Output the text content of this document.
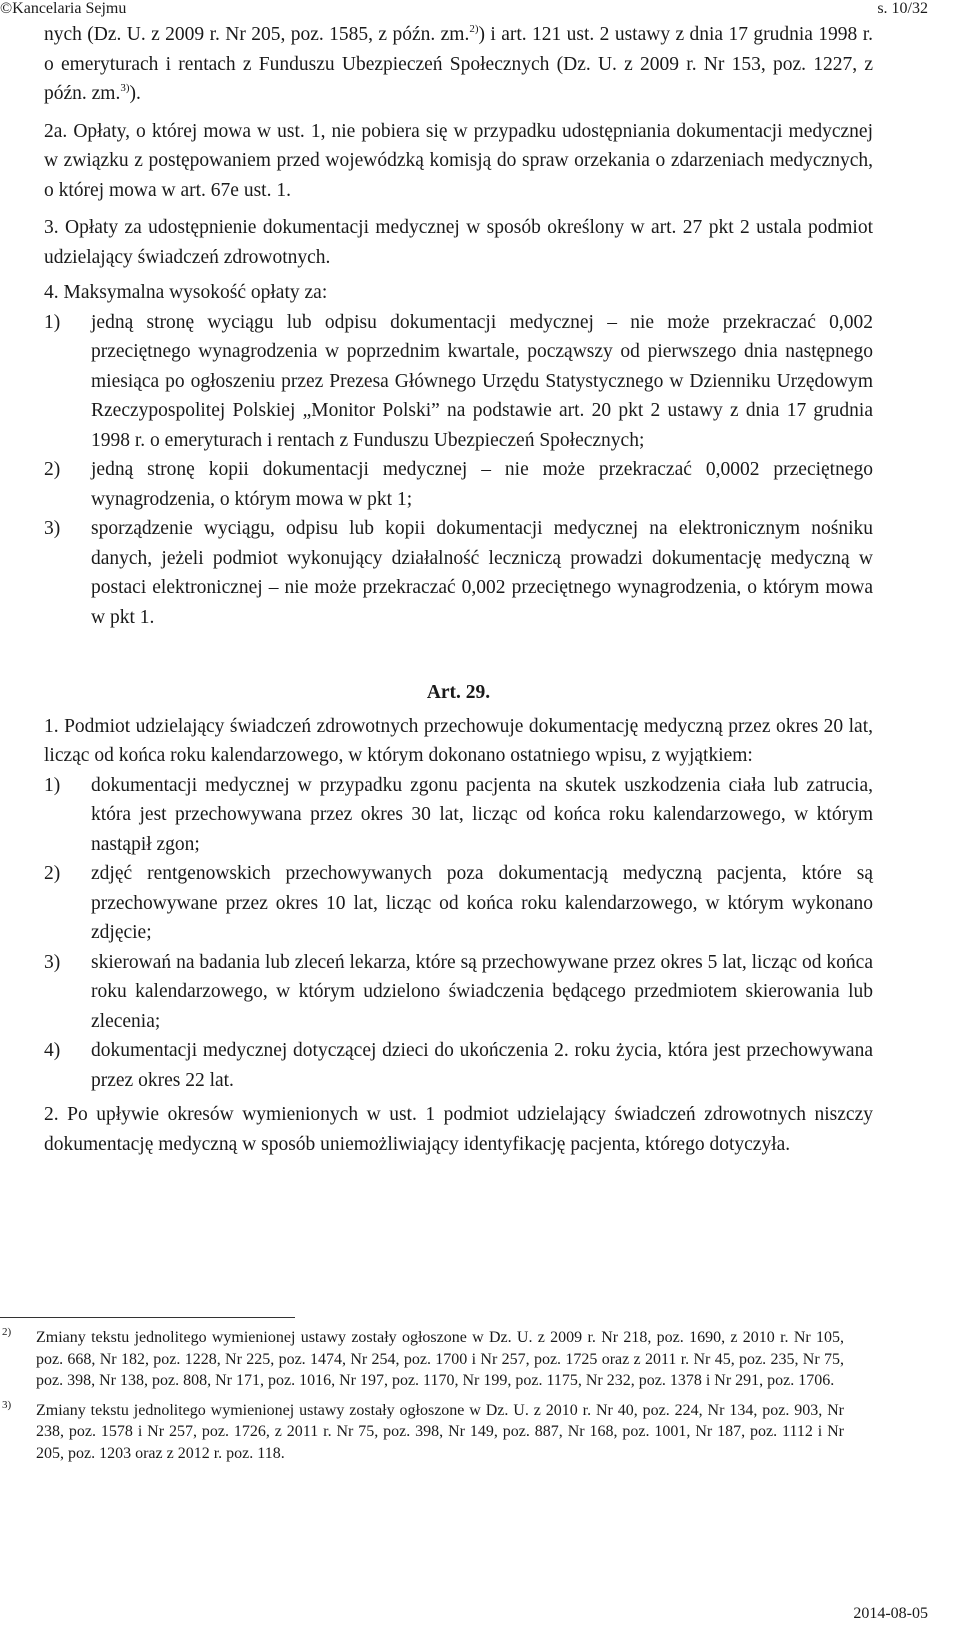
©Kancelaria Sejmu	s. 10/32

nych (Dz. U. z 2009 r. Nr 205, poz. 1585, z późn. zm.$^{2)}$) i art. 121 ust. 2 ustawy z dnia 17 grudnia 1998 r. o emeryturach i rentach z Funduszu Ubezpieczeń Społecznych (Dz. U. z 2009 r. Nr 153, poz. 1227, z późn. zm.$^{3)}$).

2a. Opłaty, o której mowa w ust. 1, nie pobiera się w przypadku udostępniania dokumentacji medycznej w związku z postępowaniem przed wojewódzką komisją do spraw orzekania o zdarzeniach medycznych, o której mowa w art. 67e ust. 1.

3. Opłaty za udostępnienie dokumentacji medycznej w sposób określony w art. 27 pkt 2 ustala podmiot udzielający świadczeń zdrowotnych.

4. Maksymalna wysokość opłaty za:

1) jedną stronę wyciągu lub odpisu dokumentacji medycznej – nie może przekraczać 0,002 przeciętnego wynagrodzenia w poprzednim kwartale, począwszy od pierwszego dnia następnego miesiąca po ogłoszeniu przez Prezesa Głównego Urzędu Statystycznego w Dzienniku Urzędowym Rzeczypospolitej Polskiej „Monitor Polski” na podstawie art. 20 pkt 2 ustawy z dnia 17 grudnia 1998 r. o emeryturach i rentach z Funduszu Ubezpieczeń Społecznych;
2) jedną stronę kopii dokumentacji medycznej – nie może przekraczać 0,0002 przeciętnego wynagrodzenia, o którym mowa w pkt 1;
3) sporządzenie wyciągu, odpisu lub kopii dokumentacji medycznej na elektronicznym nośniku danych, jeżeli podmiot wykonujący działalność leczniczą prowadzi dokumentację medyczną w postaci elektronicznej – nie może przekraczać 0,002 przeciętnego wynagrodzenia, o którym mowa w pkt 1.

Art. 29.

1. Podmiot udzielający świadczeń zdrowotnych przechowuje dokumentację medyczną przez okres 20 lat, licząc od końca roku kalendarzowego, w którym dokonano ostatniego wpisu, z wyjątkiem:

1) dokumentacji medycznej w przypadku zgonu pacjenta na skutek uszkodzenia ciała lub zatrucia, która jest przechowywana przez okres 30 lat, licząc od końca roku kalendarzowego, w którym nastąpił zgon;
2) zdjęć rentgenowskich przechowywanych poza dokumentacją medyczną pacjenta, które są przechowywane przez okres 10 lat, licząc od końca roku kalendarzowego, w którym wykonano zdjęcie;
3) skierowań na badania lub zleceń lekarza, które są przechowywane przez okres 5 lat, licząc od końca roku kalendarzowego, w którym udzielono świadczenia będącego przedmiotem skierowania lub zlecenia;
4) dokumentacji medycznej dotyczącej dzieci do ukończenia 2. roku życia, która jest przechowywana przez okres 22 lat.

2. Po upływie okresów wymienionych w ust. 1 podmiot udzielający świadczeń zdrowotnych niszczy dokumentację medyczną w sposób uniemożliwiający identyfikację pacjenta, którego dotyczyła.

2) Zmiany tekstu jednolitego wymienionej ustawy zostały ogłoszone w Dz. U. z 2009 r. Nr 218, poz. 1690, z 2010 r. Nr 105, poz. 668, Nr 182, poz. 1228, Nr 225, poz. 1474, Nr 254, poz. 1700 i Nr 257, poz. 1725 oraz z 2011 r. Nr 45, poz. 235, Nr 75, poz. 398, Nr 138, poz. 808, Nr 171, poz. 1016, Nr 197, poz. 1170, Nr 199, poz. 1175, Nr 232, poz. 1378 i Nr 291, poz. 1706.
3) Zmiany tekstu jednolitego wymienionej ustawy zostały ogłoszone w Dz. U. z 2010 r. Nr 40, poz. 224, Nr 134, poz. 903, Nr 238, poz. 1578 i Nr 257, poz. 1726, z 2011 r. Nr 75, poz. 398, Nr 149, poz. 887, Nr 168, poz. 1001, Nr 187, poz. 1112 i Nr 205, poz. 1203 oraz z 2012 r. poz. 118.
2014-08-05
